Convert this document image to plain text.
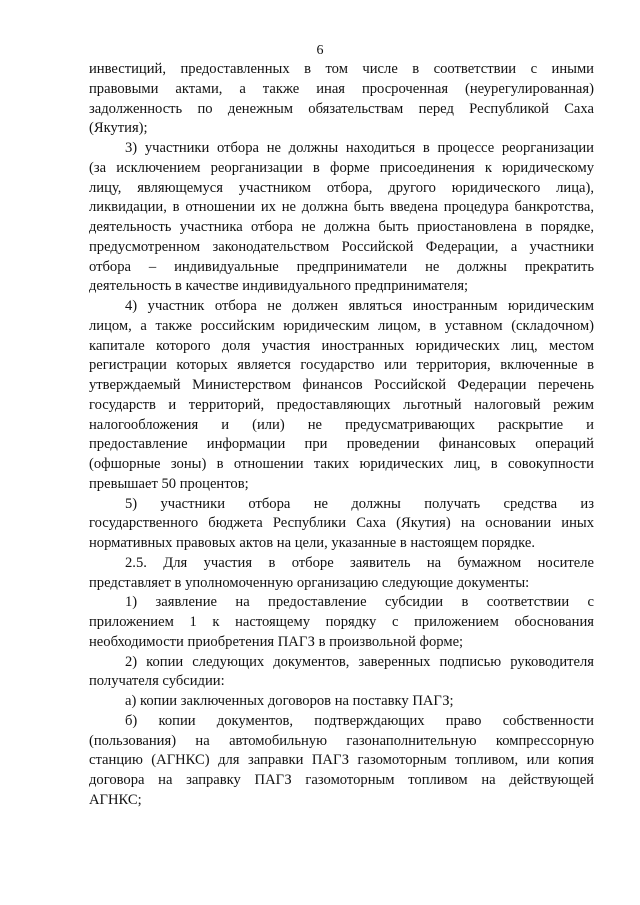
6
инвестиций, предоставленных в том числе в соответствии с иными
правовыми актами, а также иная просроченная (неурегулированная)
задолженность по денежным обязательствам перед Республикой Саха
(Якутия);
3) участники отбора не должны находиться в процессе реорганизации
(за исключением реорганизации в форме присоединения к юридическому
лицу, являющемуся участником отбора, другого юридического лица),
ликвидации, в отношении их не должна быть введена процедура банкротства,
деятельность участника отбора не должна быть приостановлена в порядке,
предусмотренном законодательством Российской Федерации, а участники
отбора – индивидуальные предприниматели не должны прекратить
деятельность в качестве индивидуального предпринимателя;
4) участник отбора не должен являться иностранным юридическим
лицом, а также российским юридическим лицом, в уставном (складочном)
капитале которого доля участия иностранных юридических лиц, местом
регистрации которых является государство или территория, включенные в
утверждаемый Министерством финансов Российской Федерации перечень
государств и территорий, предоставляющих льготный налоговый режим
налогообложения и (или) не предусматривающих раскрытие и
предоставление информации при проведении финансовых операций
(офшорные зоны) в отношении таких юридических лиц, в совокупности
превышает 50 процентов;
5) участники отбора не должны получать средства из
государственного бюджета Республики Саха (Якутия) на основании иных
нормативных правовых актов на цели, указанные в настоящем порядке.
2.5. Для участия в отборе заявитель на бумажном носителе
представляет в уполномоченную организацию следующие документы:
1) заявление на предоставление субсидии в соответствии с
приложением 1 к настоящему порядку с приложением обоснования
необходимости приобретения ПАГЗ в произвольной форме;
2) копии следующих документов, заверенных подписью руководителя
получателя субсидии:
а) копии заключенных договоров на поставку ПАГЗ;
б) копии документов, подтверждающих право собственности
(пользования) на автомобильную газонаполнительную компрессорную
станцию (АГНКС) для заправки ПАГЗ газомоторным топливом, или копия
договора на заправку ПАГЗ газомоторным топливом на действующей
АГНКС;
